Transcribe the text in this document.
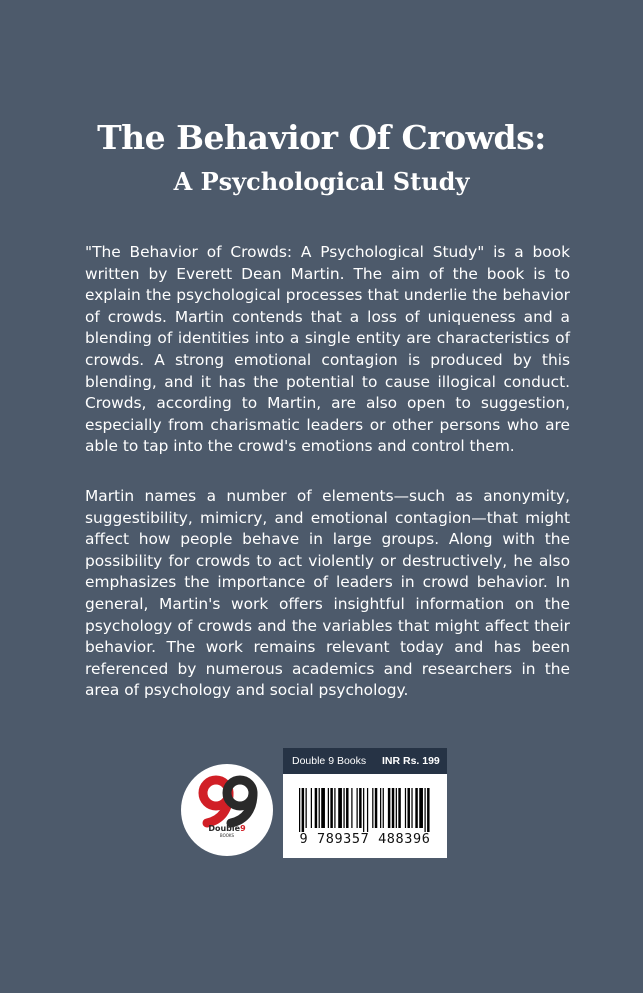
The Behavior Of Crowds:
A Psychological Study

"The Behavior of Crowds: A Psychological Study" is a book written by Everett Dean Martin. The aim of the book is to explain the psychological processes that underlie the behavior of crowds. Martin contends that a loss of uniqueness and a blending of identities into a single entity are characteristics of crowds. A strong emotional contagion is produced by this blending, and it has the potential to cause illogical conduct. Crowds, according to Martin, are also open to suggestion, especially from charismatic leaders or other persons who are able to tap into the crowd's emotions and control them.

Martin names a number of elements—such as anonymity, suggestibility, mimicry, and emotional contagion—that might affect how people behave in large groups. Along with the possibility for crowds to act violently or destructively, he also emphasizes the importance of leaders in crowd behavior. In general, Martin's work offers insightful information on the psychology of crowds and the variables that might affect their behavior. The work remains relevant today and has been referenced by numerous academics and researchers in the area of psychology and social psychology.

Double9
BOOKS
Double 9 Books INR Rs. 199
9 789357 488396
